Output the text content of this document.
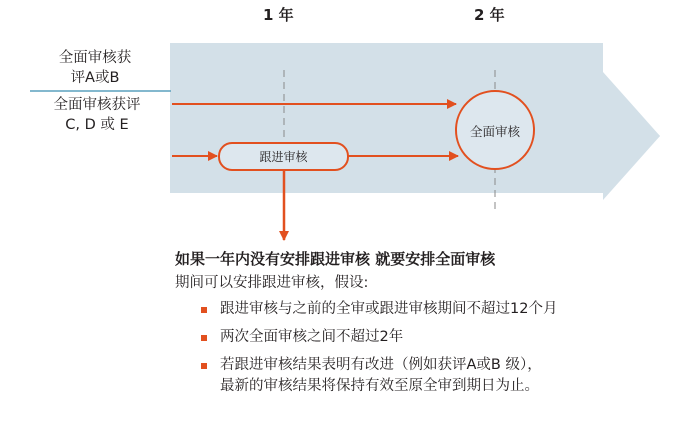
1 年	2 年
全面审核获
评A或B
全面审核获评
C, D 或 E	全面审核
跟进审核
如果一年内没有安排跟进审核 就要安排全面审核
期间可以安排跟进审核，假设:
跟进审核与之前的全审或跟进审核期间不超过12个月
两次全面审核之间不超过2年
若跟进审核结果表明有改进（例如获评A或B 级），
最新的审核结果将保持有效至原全审到期日为止。
